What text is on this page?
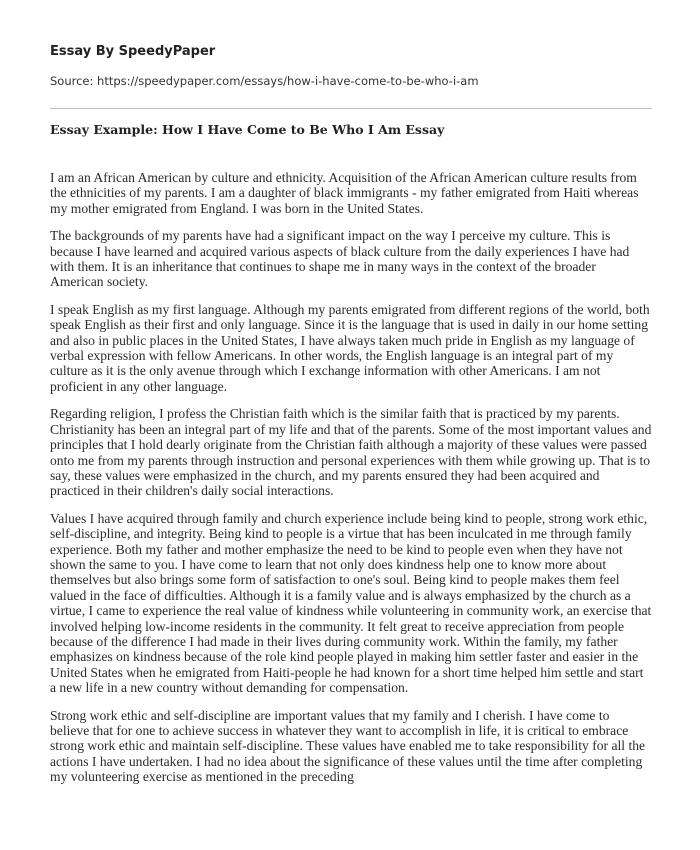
Essay By SpeedyPaper
Source: https://speedypaper.com/essays/how-i-have-come-to-be-who-i-am
Essay Example: How I Have Come to Be Who I Am Essay

I am an African American by culture and ethnicity. Acquisition of the African American culture results from the ethnicities of my parents. I am a daughter of black immigrants - my father emigrated from Haiti whereas my mother emigrated from England. I was born in the United States.

The backgrounds of my parents have had a significant impact on the way I perceive my culture. This is because I have learned and acquired various aspects of black culture from the daily experiences I have had with them. It is an inheritance that continues to shape me in many ways in the context of the broader American society.

I speak English as my first language. Although my parents emigrated from different regions of the world, both speak English as their first and only language. Since it is the language that is used in daily in our home setting and also in public places in the United States, I have always taken much pride in English as my language of verbal expression with fellow Americans. In other words, the English language is an integral part of my culture as it is the only avenue through which I exchange information with other Americans. I am not proficient in any other language.

Regarding religion, I profess the Christian faith which is the similar faith that is practiced by my parents. Christianity has been an integral part of my life and that of the parents. Some of the most important values and principles that I hold dearly originate from the Christian faith although a majority of these values were passed onto me from my parents through instruction and personal experiences with them while growing up. That is to say, these values were emphasized in the church, and my parents ensured they had been acquired and practiced in their children's daily social interactions.

Values I have acquired through family and church experience include being kind to people, strong work ethic, self-discipline, and integrity. Being kind to people is a virtue that has been inculcated in me through family experience. Both my father and mother emphasize the need to be kind to people even when they have not shown the same to you. I have come to learn that not only does kindness help one to know more about themselves but also brings some form of satisfaction to one's soul. Being kind to people makes them feel valued in the face of difficulties. Although it is a family value and is always emphasized by the church as a virtue, I came to experience the real value of kindness while volunteering in community work, an exercise that involved helping low-income residents in the community. It felt great to receive appreciation from people because of the difference I had made in their lives during community work. Within the family, my father emphasizes on kindness because of the role kind people played in making him settler faster and easier in the United States when he emigrated from Haiti-people he had known for a short time helped him settle and start a new life in a new country without demanding for compensation.

Strong work ethic and self-discipline are important values that my family and I cherish. I have come to believe that for one to achieve success in whatever they want to accomplish in life, it is critical to embrace strong work ethic and maintain self-discipline. These values have enabled me to take responsibility for all the actions I have undertaken. I had no idea about the significance of these values until the time after completing my volunteering exercise as mentioned in the preceding
